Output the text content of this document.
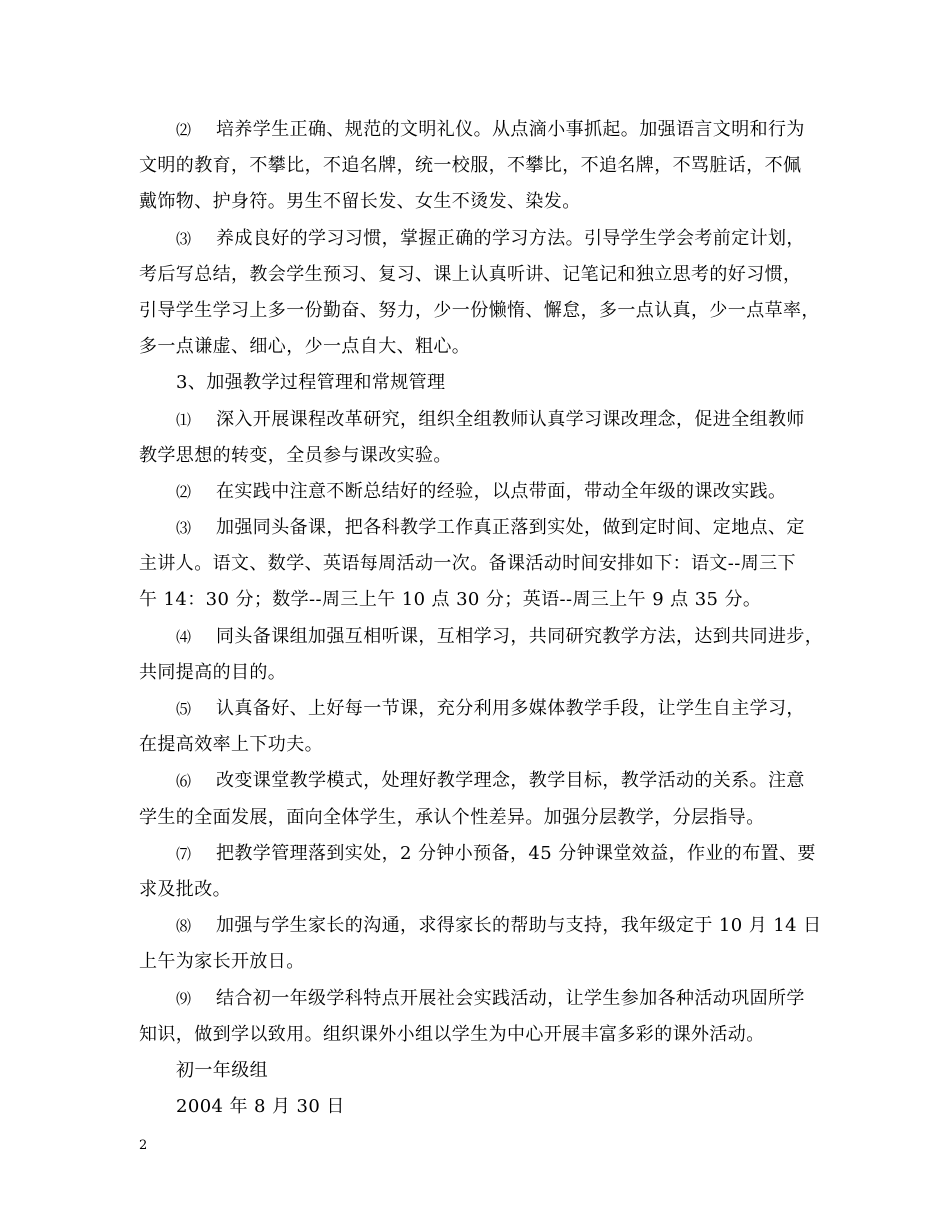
⑵ 培养学生正确、规范的文明礼仪。从点滴小事抓起。加强语言文明和行为
文明的教育，不攀比，不追名牌，统一校服，不攀比，不追名牌，不骂脏话，不佩
戴饰物、护身符。男生不留长发、女生不烫发、染发。
⑶ 养成良好的学习习惯，掌握正确的学习方法。引导学生学会考前定计划，
考后写总结，教会学生预习、复习、课上认真听讲、记笔记和独立思考的好习惯，
引导学生学习上多一份勤奋、努力，少一份懒惰、懈怠，多一点认真，少一点草率，
多一点谦虚、细心，少一点自大、粗心。
3、加强教学过程管理和常规管理
⑴ 深入开展课程改革研究，组织全组教师认真学习课改理念，促进全组教师
教学思想的转变，全员参与课改实验。
⑵ 在实践中注意不断总结好的经验，以点带面，带动全年级的课改实践。
⑶ 加强同头备课，把各科教学工作真正落到实处，做到定时间、定地点、定
主讲人。语文、数学、英语每周活动一次。备课活动时间安排如下：语文--周三下
午 14：30 分；数学--周三上午 10 点 30 分；英语--周三上午 9 点 35 分。
⑷ 同头备课组加强互相听课，互相学习，共同研究教学方法，达到共同进步，
共同提高的目的。
⑸ 认真备好、上好每一节课，充分利用多媒体教学手段，让学生自主学习，
在提高效率上下功夫。
⑹ 改变课堂教学模式，处理好教学理念，教学目标，教学活动的关系。注意
学生的全面发展，面向全体学生，承认个性差异。加强分层教学，分层指导。
⑺ 把教学管理落到实处，2 分钟小预备，45 分钟课堂效益，作业的布置、要
求及批改。
⑻ 加强与学生家长的沟通，求得家长的帮助与支持，我年级定于 10 月 14 日
上午为家长开放日。
⑼ 结合初一年级学科特点开展社会实践活动，让学生参加各种活动巩固所学
知识，做到学以致用。组织课外小组以学生为中心开展丰富多彩的课外活动。
初一年级组
2004 年 8 月 30 日
2
